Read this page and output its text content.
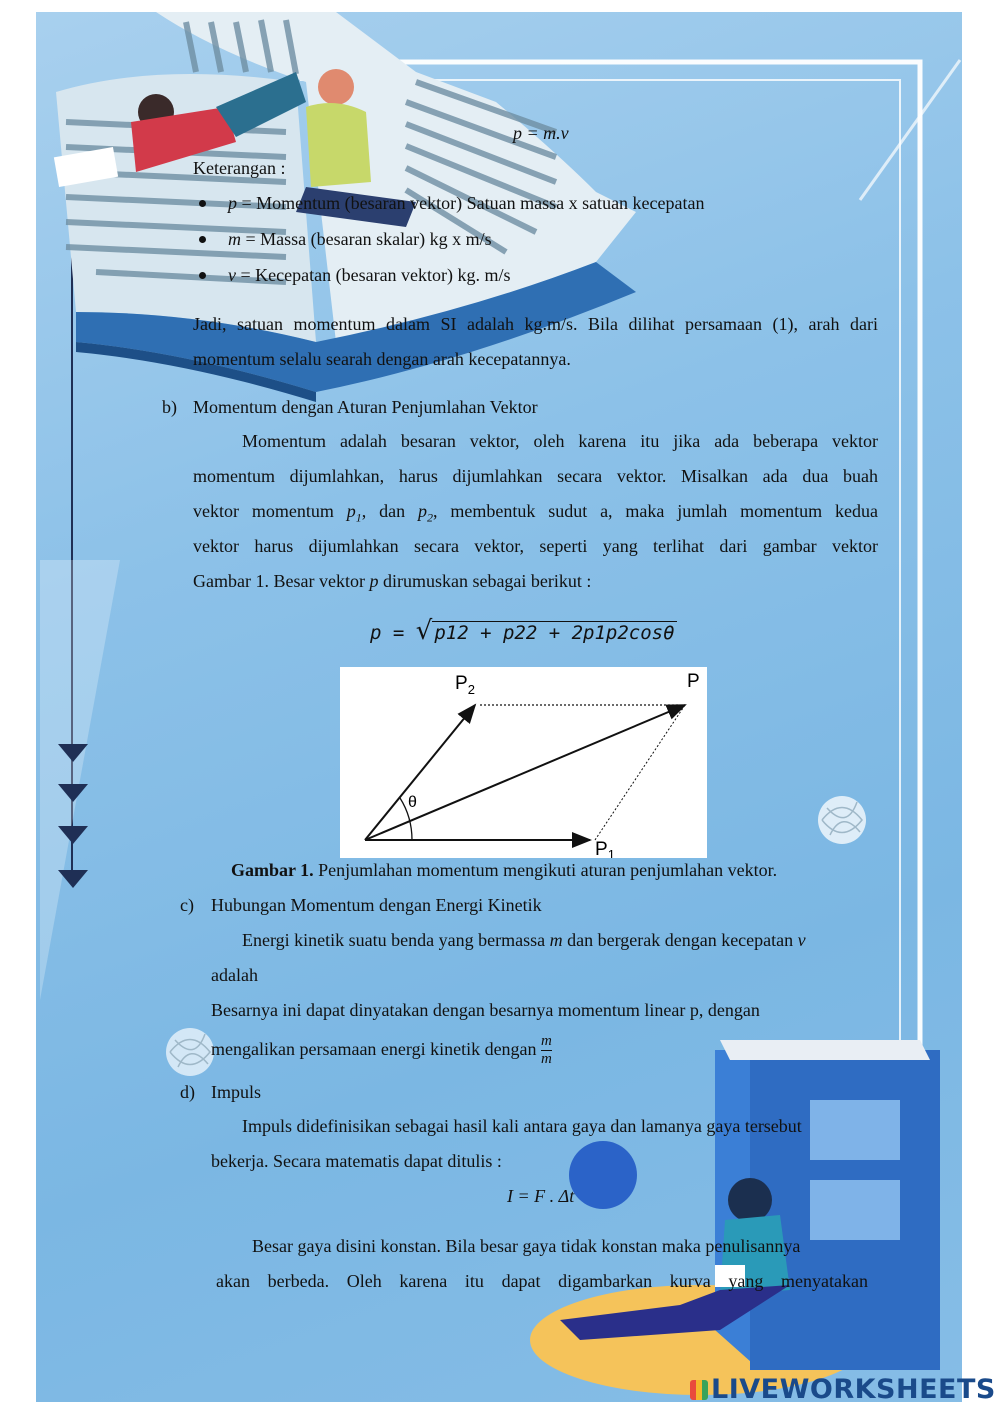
p = m.v
Keterangan :
p = Momentum (besaran vektor) Satuan massa x satuan kecepatan
m = Massa (besaran skalar) kg x m/s
v = Kecepatan (besaran vektor) kg. m/s
Jadi, satuan momentum dalam SI adalah kg.m/s. Bila dilihat persamaan (1), arah dari
momentum selalu searah dengan arah kecepatannya.
b) Momentum dengan Aturan Penjumlahan Vektor
Momentum adalah besaran vektor, oleh karena itu jika ada beberapa vektor
momentum dijumlahkan, harus dijumlahkan secara vektor. Misalkan ada dua buah
vektor momentum $p_1$, dan $p_2$, membentuk sudut a, maka jumlah momentum kedua
vektor harus dijumlahkan secara vektor, seperti yang terlihat dari gambar vektor
Gambar 1. Besar vektor p dirumuskan sebagai berikut :
p = √ p12 + p22 + 2p1p2cosθ
$P_2$	P
θ
$P_1$
Gambar 1. Penjumlahan momentum mengikuti aturan penjumlahan vektor.
c) Hubungan Momentum dengan Energi Kinetik
Energi kinetik suatu benda yang bermassa m dan bergerak dengan kecepatan v
adalah
Besarnya ini dapat dinyatakan dengan besarnya momentum linear p, dengan
mengalikan persamaan energi kinetik dengan $\frac{m}{m}$
d) Impuls
Impuls didefinisikan sebagai hasil kali antara gaya dan lamanya gaya tersebut
bekerja. Secara matematis dapat ditulis :
I = F . Δt
Besar gaya disini konstan. Bila besar gaya tidak konstan maka penulisannya
akan berbeda. Oleh karena itu dapat digambarkan kurva yang menyatakan
LIVEWORKSHEETS
